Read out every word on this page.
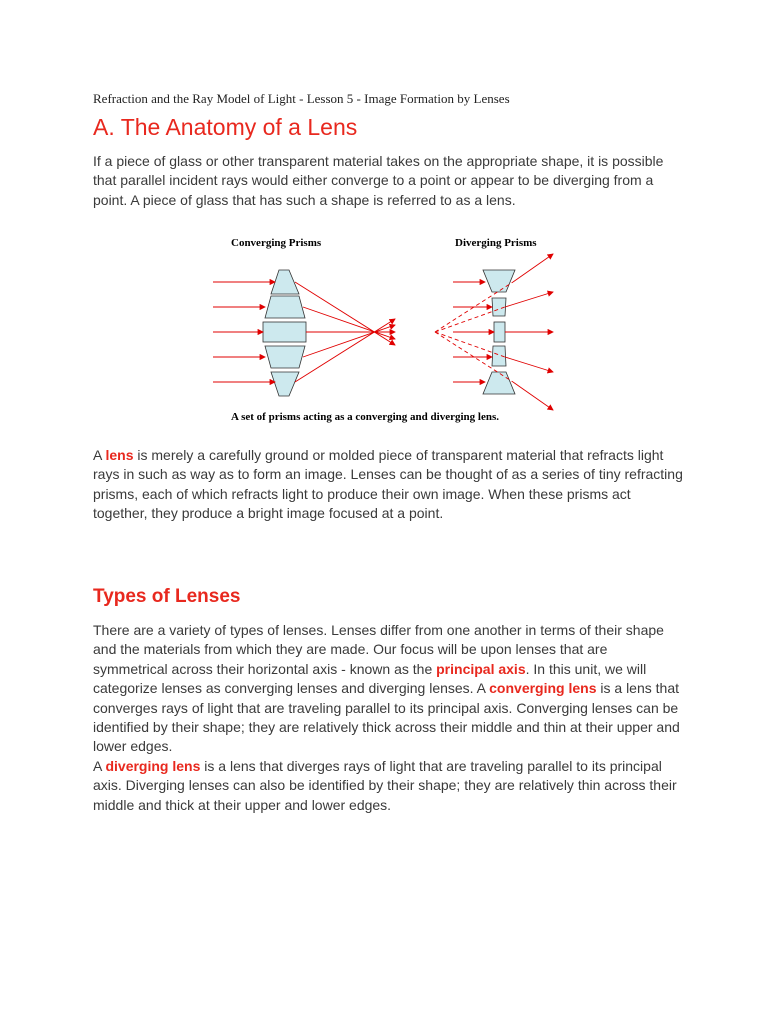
Refraction and the Ray Model of Light - Lesson 5 - Image Formation by Lenses
A. The Anatomy of a Lens
If a piece of glass or other transparent material takes on the appropriate shape, it is possible that parallel incident rays would either converge to a point or appear to be diverging from a point. A piece of glass that has such a shape is referred to as a lens.
Converging Prisms	Diverging Prisms
A set of prisms acting as a converging and diverging lens.
A lens is merely a carefully ground or molded piece of transparent material that refracts light rays in such as way as to form an image. Lenses can be thought of as a series of tiny refracting prisms, each of which refracts light to produce their own image. When these prisms act together, they produce a bright image focused at a point.
Types of Lenses
There are a variety of types of lenses. Lenses differ from one another in terms of their shape and the materials from which they are made. Our focus will be upon lenses that are symmetrical across their horizontal axis - known as the principal axis. In this unit, we will categorize lenses as converging lenses and diverging lenses. A converging lens is a lens that converges rays of light that are traveling parallel to its principal axis. Converging lenses can be identified by their shape; they are relatively thick across their middle and thin at their upper and lower edges.
A diverging lens is a lens that diverges rays of light that are traveling parallel to its principal axis. Diverging lenses can also be identified by their shape; they are relatively thin across their middle and thick at their upper and lower edges.
